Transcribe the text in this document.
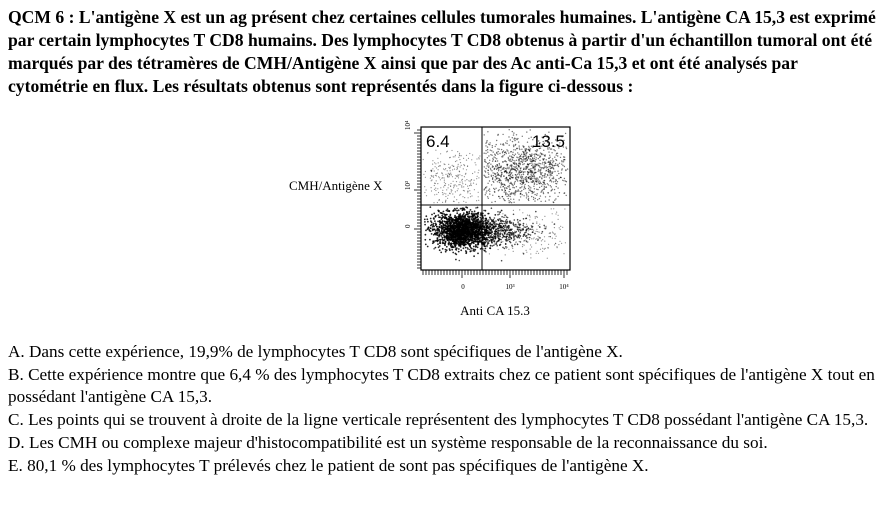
QCM 6 : L'antigène X est un ag présent chez certaines cellules tumorales humaines. L'antigène CA 15,3 est exprimé par certain lymphocytes T CD8 humains. Des lymphocytes T CD8 obtenus à partir d'un échantillon tumoral ont été marqués par des tétramères de CMH/Antigène X ainsi que par des Ac anti-Ca 15,3 et ont été analysés par cytométrie en flux. Les résultats obtenus sont représentés dans la figure ci-dessous :

6.4	13.5
10⁴
10³
0
0	10³	10⁴
CMH/Antigène X
Anti CA 15.3
A. Dans cette expérience, 19,9% de lymphocytes T CD8 sont spécifiques de l'antigène X.
B. Cette expérience montre que 6,4 % des lymphocytes T CD8 extraits chez ce patient sont spécifiques de l'antigène X tout en possédant l'antigène CA 15,3.
C. Les points qui se trouvent à droite de la ligne verticale représentent des lymphocytes T CD8 possédant l'antigène CA 15,3.
D. Les CMH ou complexe majeur d'histocompatibilité est un système responsable de la reconnaissance du soi.
E. 80,1 % des lymphocytes T prélevés chez le patient de sont pas spécifiques de l'antigène X.
